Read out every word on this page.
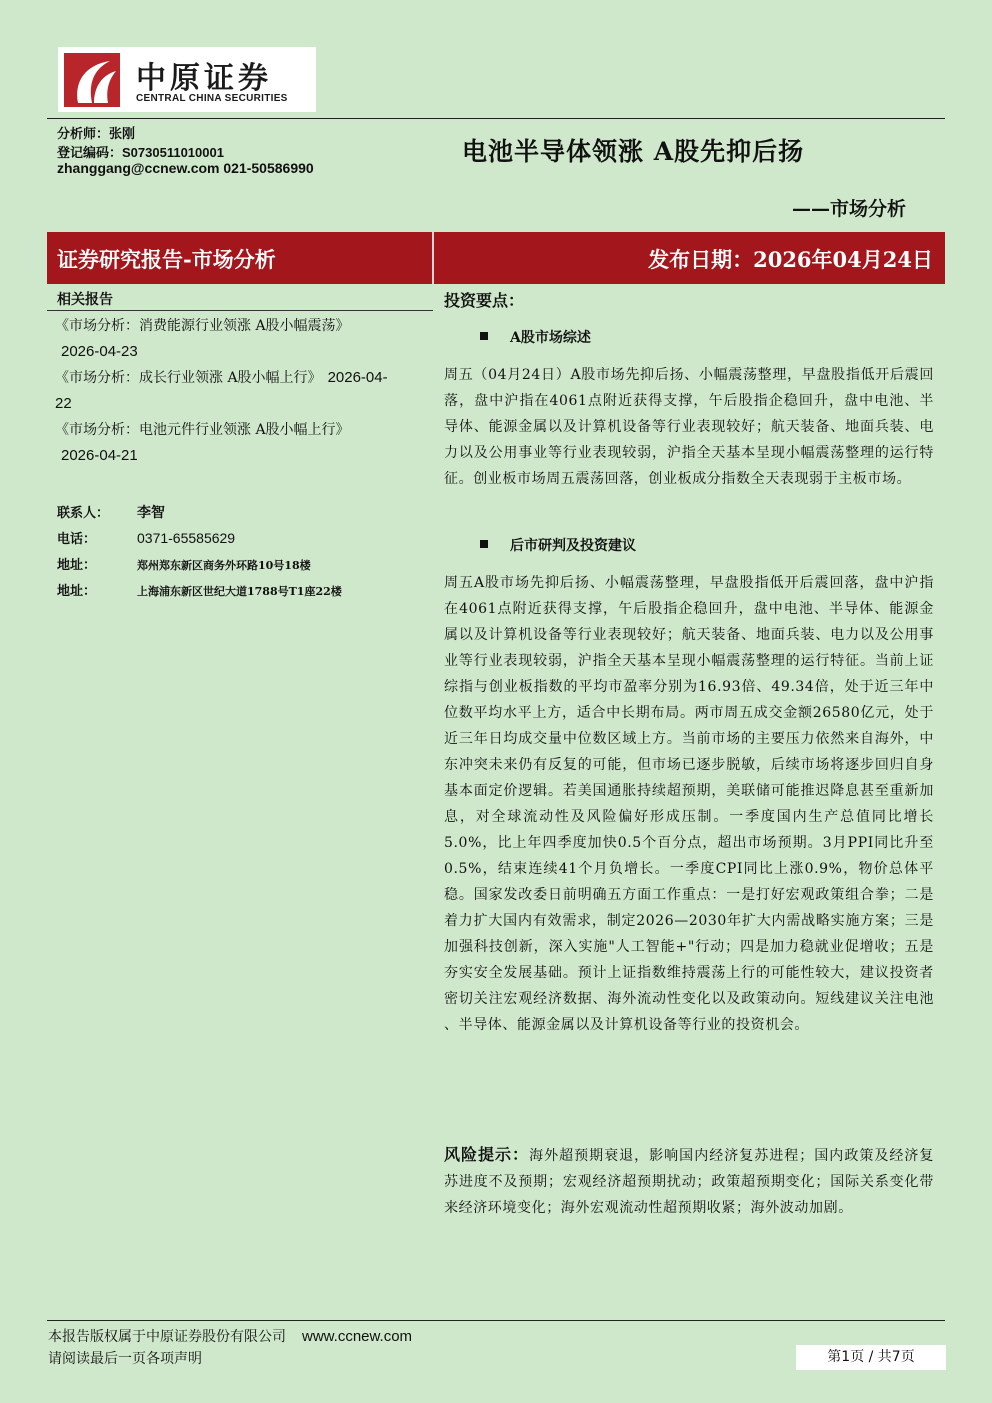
中原证券
CENTRAL CHINA SECURITIES
分析师：张刚
登记编码：S0730511010001
zhanggang@ccnew.com 021-50586990
电池半导体领涨 A股先抑后扬
——市场分析
证券研究报告-市场分析	发布日期：2026年04月24日
相关报告
《市场分析：消费能源行业领涨 A股小幅震荡》2026-04-23
《市场分析：成长行业领涨 A股小幅上行》 2026-04-22
《市场分析：电池元件行业领涨 A股小幅上行》2026-04-21
联系人： 李智
电话：	0371-65585629
地址：	郑州郑东新区商务外环路10号18楼
地址：	上海浦东新区世纪大道1788号T1座22楼
投资要点：
A股市场综述

周五（04月24日）A股市场先抑后扬、小幅震荡整理，早盘股指低开后震回落，盘中沪指在4061点附近获得支撑，午后股指企稳回升，盘中电池、半导体、能源金属以及计算机设备等行业表现较好；航天装备、地面兵装、电力以及公用事业等行业表现较弱，沪指全天基本呈现小幅震荡整理的运行特征。创业板市场周五震荡回落，创业板成分指数全天表现弱于主板市场。

后市研判及投资建议

周五A股市场先抑后扬、小幅震荡整理，早盘股指低开后震回落，盘中沪指在4061点附近获得支撑，午后股指企稳回升，盘中电池、半导体、能源金属以及计算机设备等行业表现较好；航天装备、地面兵装、电力以及公用事业等行业表现较弱，沪指全天基本呈现小幅震荡整理的运行特征。当前上证综指与创业板指数的平均市盈率分别为16.93倍、49.34倍，处于近三年中位数平均水平上方，适合中长期布局。两市周五成交金额26580亿元，处于近三年日均成交量中位数区域上方。当前市场的主要压力依然来自海外，中东冲突未来仍有反复的可能，但市场已逐步脱敏，后续市场将逐步回归自身基本面定价逻辑。若美国通胀持续超预期，美联储可能推迟降息甚至重新加息，对全球流动性及风险偏好形成压制。一季度国内生产总值同比增长5.0%，比上年四季度加快0.5个百分点，超出市场预期。3月PPI同比升至0.5%，结束连续41个月负增长。一季度CPI同比上涨0.9%，物价总体平稳。国家发改委日前明确五方面工作重点：一是打好宏观政策组合拳；二是着力扩大国内有效需求，制定2026—2030年扩大内需战略实施方案；三是加强科技创新，深入实施"人工智能+"行动；四是加力稳就业促增收；五是夯实安全发展基础。预计上证指数维持震荡上行的可能性较大，建议投资者密切关注宏观经济数据、海外流动性变化以及政策动向。短线建议关注电池 、半导体、能源金属以及计算机设备等行业的投资机会。

风险提示：海外超预期衰退，影响国内经济复苏进程；国内政策及经济复苏进度不及预期；宏观经济超预期扰动；政策超预期变化；国际关系变化带来经济环境变化；海外宏观流动性超预期收紧；海外波动加剧。

本报告版权属于中原证券股份有限公司 www.ccnew.com
请阅读最后一页各项声明	第1页 / 共7页
